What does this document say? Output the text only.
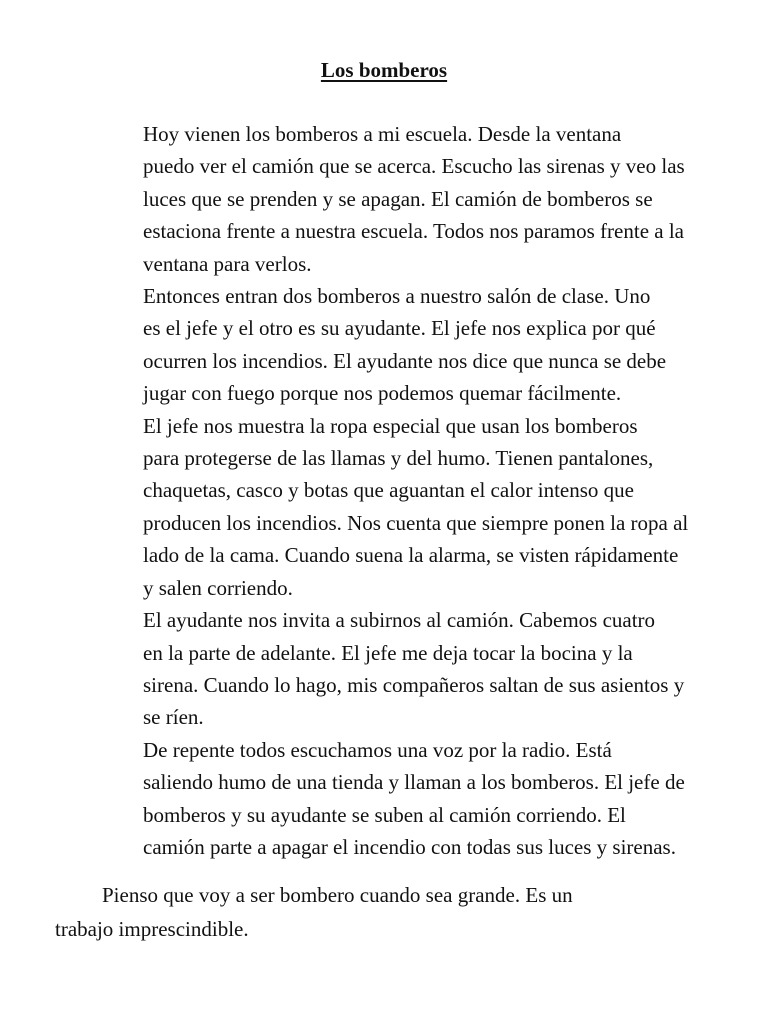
Los bomberos

Hoy vienen los bomberos a mi escuela. Desde la ventana
puedo ver el camión que se acerca. Escucho las sirenas y veo las
luces que se prenden y se apagan. El camión de bomberos se
estaciona frente a nuestra escuela. Todos nos paramos frente a la
ventana para verlos.

Entonces entran dos bomberos a nuestro salón de clase. Uno
es el jefe y el otro es su ayudante. El jefe nos explica por qué
ocurren los incendios. El ayudante nos dice que nunca se debe
jugar con fuego porque nos podemos quemar fácilmente.

El jefe nos muestra la ropa especial que usan los bomberos
para protegerse de las llamas y del humo. Tienen pantalones,
chaquetas, casco y botas que aguantan el calor intenso que
producen los incendios. Nos cuenta que siempre ponen la ropa al
lado de la cama. Cuando suena la alarma, se visten rápidamente
y salen corriendo.

El ayudante nos invita a subirnos al camión. Cabemos cuatro
en la parte de adelante. El jefe me deja tocar la bocina y la
sirena. Cuando lo hago, mis compañeros saltan de sus asientos y
se ríen.

De repente todos escuchamos una voz por la radio. Está
saliendo humo de una tienda y llaman a los bomberos. El jefe de
bomberos y su ayudante se suben al camión corriendo. El
camión parte a apagar el incendio con todas sus luces y sirenas.

Pienso que voy a ser bombero cuando sea grande. Es un
trabajo imprescindible.
